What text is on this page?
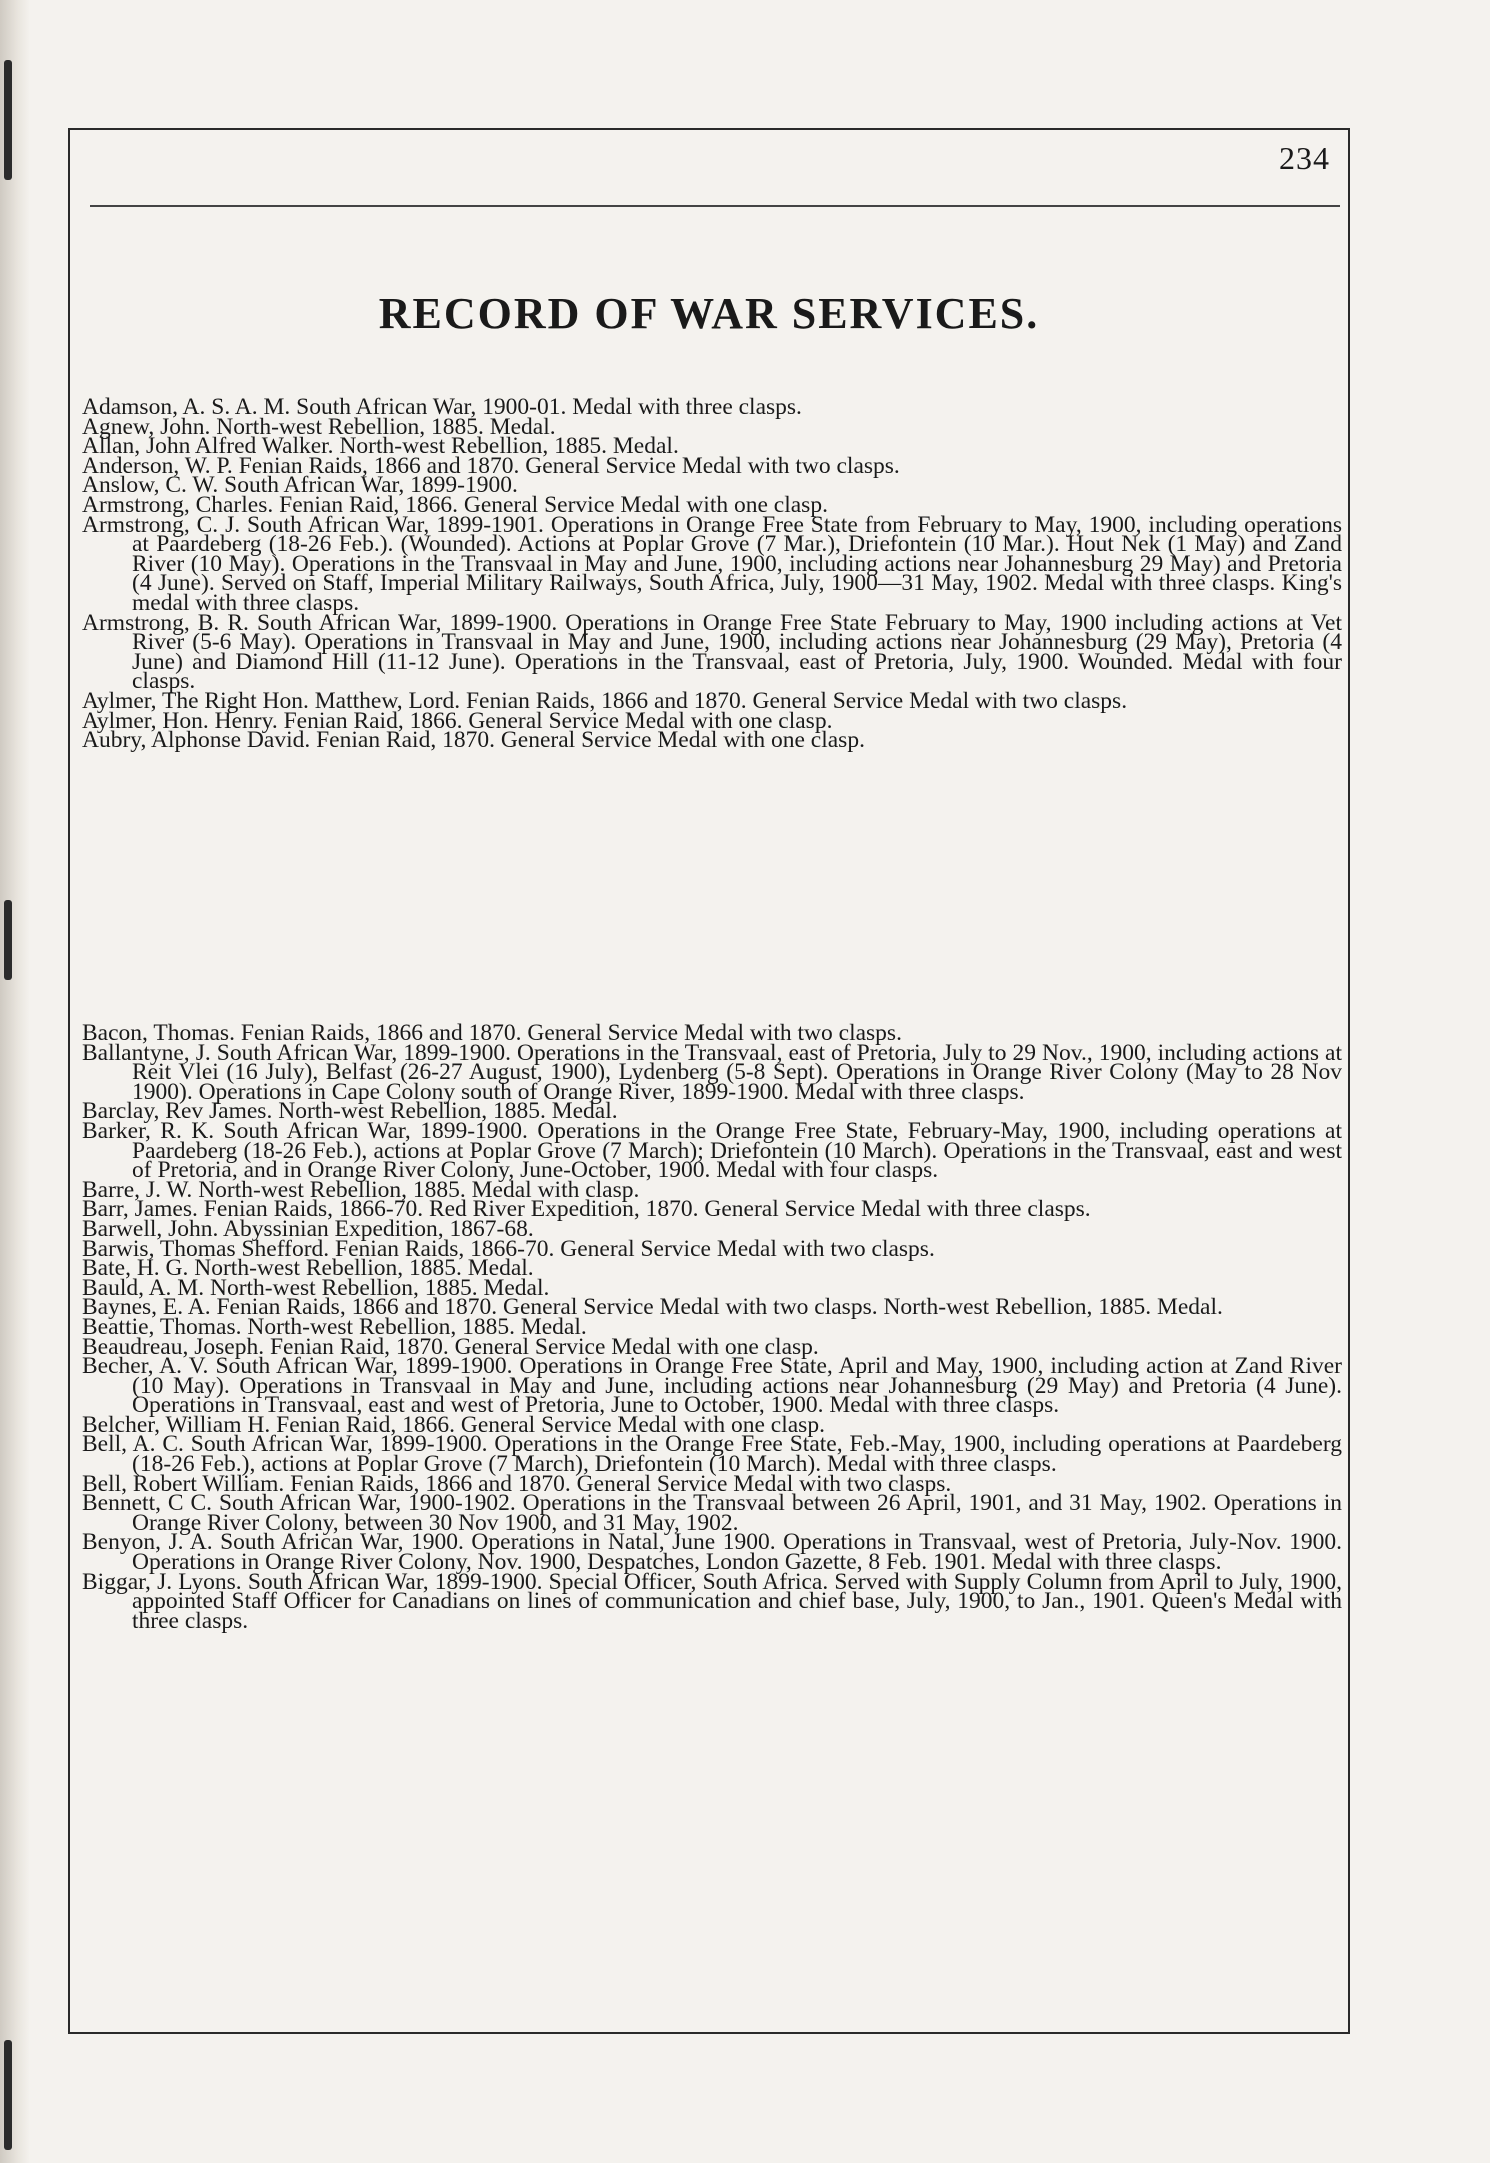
234
RECORD OF WAR SERVICES.
Adamson, A. S. A. M. South African War, 1900-01. Medal with three clasps.
Agnew, John. North-west Rebellion, 1885. Medal.
Allan, John Alfred Walker. North-west Rebellion, 1885. Medal.
Anderson, W. P. Fenian Raids, 1866 and 1870. General Service Medal with two clasps.
Anslow, C. W. South African War, 1899-1900.
Armstrong, Charles. Fenian Raid, 1866. General Service Medal with one clasp.
Armstrong, C. J. South African War, 1899-1901. Operations in Orange Free State from February to May, 1900, including operations at Paardeberg (18-26 Feb.). (Wounded). Actions at Poplar Grove (7 Mar.), Driefontein (10 Mar.). Hout Nek (1 May) and Zand River (10 May). Operations in the Transvaal in May and June, 1900, including actions near Johannesburg 29 May) and Pretoria (4 June). Served on Staff, Imperial Military Railways, South Africa, July, 1900—31 May, 1902. Medal with three clasps. King's medal with three clasps.
Armstrong, B. R. South African War, 1899-1900. Operations in Orange Free State February to May, 1900 including actions at Vet River (5-6 May). Operations in Transvaal in May and June, 1900, including actions near Johannesburg (29 May), Pretoria (4 June) and Diamond Hill (11-12 June). Operations in the Transvaal, east of Pretoria, July, 1900. Wounded. Medal with four clasps.
Aylmer, The Right Hon. Matthew, Lord. Fenian Raids, 1866 and 1870. General Service Medal with two clasps.
Aylmer, Hon. Henry. Fenian Raid, 1866. General Service Medal with one clasp.
Aubry, Alphonse David. Fenian Raid, 1870. General Service Medal with one clasp.
Bacon, Thomas. Fenian Raids, 1866 and 1870. General Service Medal with two clasps.
Ballantyne, J. South African War, 1899-1900. Operations in the Transvaal, east of Pretoria, July to 29 Nov., 1900, including actions at Reit Vlei (16 July), Belfast (26-27 August, 1900), Lydenberg (5-8 Sept). Operations in Orange River Colony (May to 28 Nov 1900). Operations in Cape Colony south of Orange River, 1899-1900. Medal with three clasps.
Barclay, Rev James. North-west Rebellion, 1885. Medal.
Barker, R. K. South African War, 1899-1900. Operations in the Orange Free State, February-May, 1900, including operations at Paardeberg (18-26 Feb.), actions at Poplar Grove (7 March); Driefontein (10 March). Operations in the Transvaal, east and west of Pretoria, and in Orange River Colony, June-October, 1900. Medal with four clasps.
Barre, J. W. North-west Rebellion, 1885. Medal with clasp.
Barr, James. Fenian Raids, 1866-70. Red River Expedition, 1870. General Service Medal with three clasps.
Barwell, John. Abyssinian Expedition, 1867-68.
Barwis, Thomas Shefford. Fenian Raids, 1866-70. General Service Medal with two clasps.
Bate, H. G. North-west Rebellion, 1885. Medal.
Bauld, A. M. North-west Rebellion, 1885. Medal.
Baynes, E. A. Fenian Raids, 1866 and 1870. General Service Medal with two clasps. North-west Rebellion, 1885. Medal.
Beattie, Thomas. North-west Rebellion, 1885. Medal.
Beaudreau, Joseph. Fenian Raid, 1870. General Service Medal with one clasp.
Becher, A. V. South African War, 1899-1900. Operations in Orange Free State, April and May, 1900, including action at Zand River (10 May). Operations in Transvaal in May and June, including actions near Johannesburg (29 May) and Pretoria (4 June). Operations in Transvaal, east and west of Pretoria, June to October, 1900. Medal with three clasps.
Belcher, William H. Fenian Raid, 1866. General Service Medal with one clasp.
Bell, A. C. South African War, 1899-1900. Operations in the Orange Free State, Feb.-May, 1900, including operations at Paardeberg (18-26 Feb.), actions at Poplar Grove (7 March), Driefontein (10 March). Medal with three clasps.
Bell, Robert William. Fenian Raids, 1866 and 1870. General Service Medal with two clasps.
Bennett, C C. South African War, 1900-1902. Operations in the Transvaal between 26 April, 1901, and 31 May, 1902. Operations in Orange River Colony, between 30 Nov 1900, and 31 May, 1902.
Benyon, J. A. South African War, 1900. Operations in Natal, June 1900. Operations in Transvaal, west of Pretoria, July-Nov. 1900. Operations in Orange River Colony, Nov. 1900, Despatches, London Gazette, 8 Feb. 1901. Medal with three clasps.
Biggar, J. Lyons. South African War, 1899-1900. Special Officer, South Africa. Served with Supply Column from April to July, 1900, appointed Staff Officer for Canadians on lines of communication and chief base, July, 1900, to Jan., 1901. Queen's Medal with three clasps.
